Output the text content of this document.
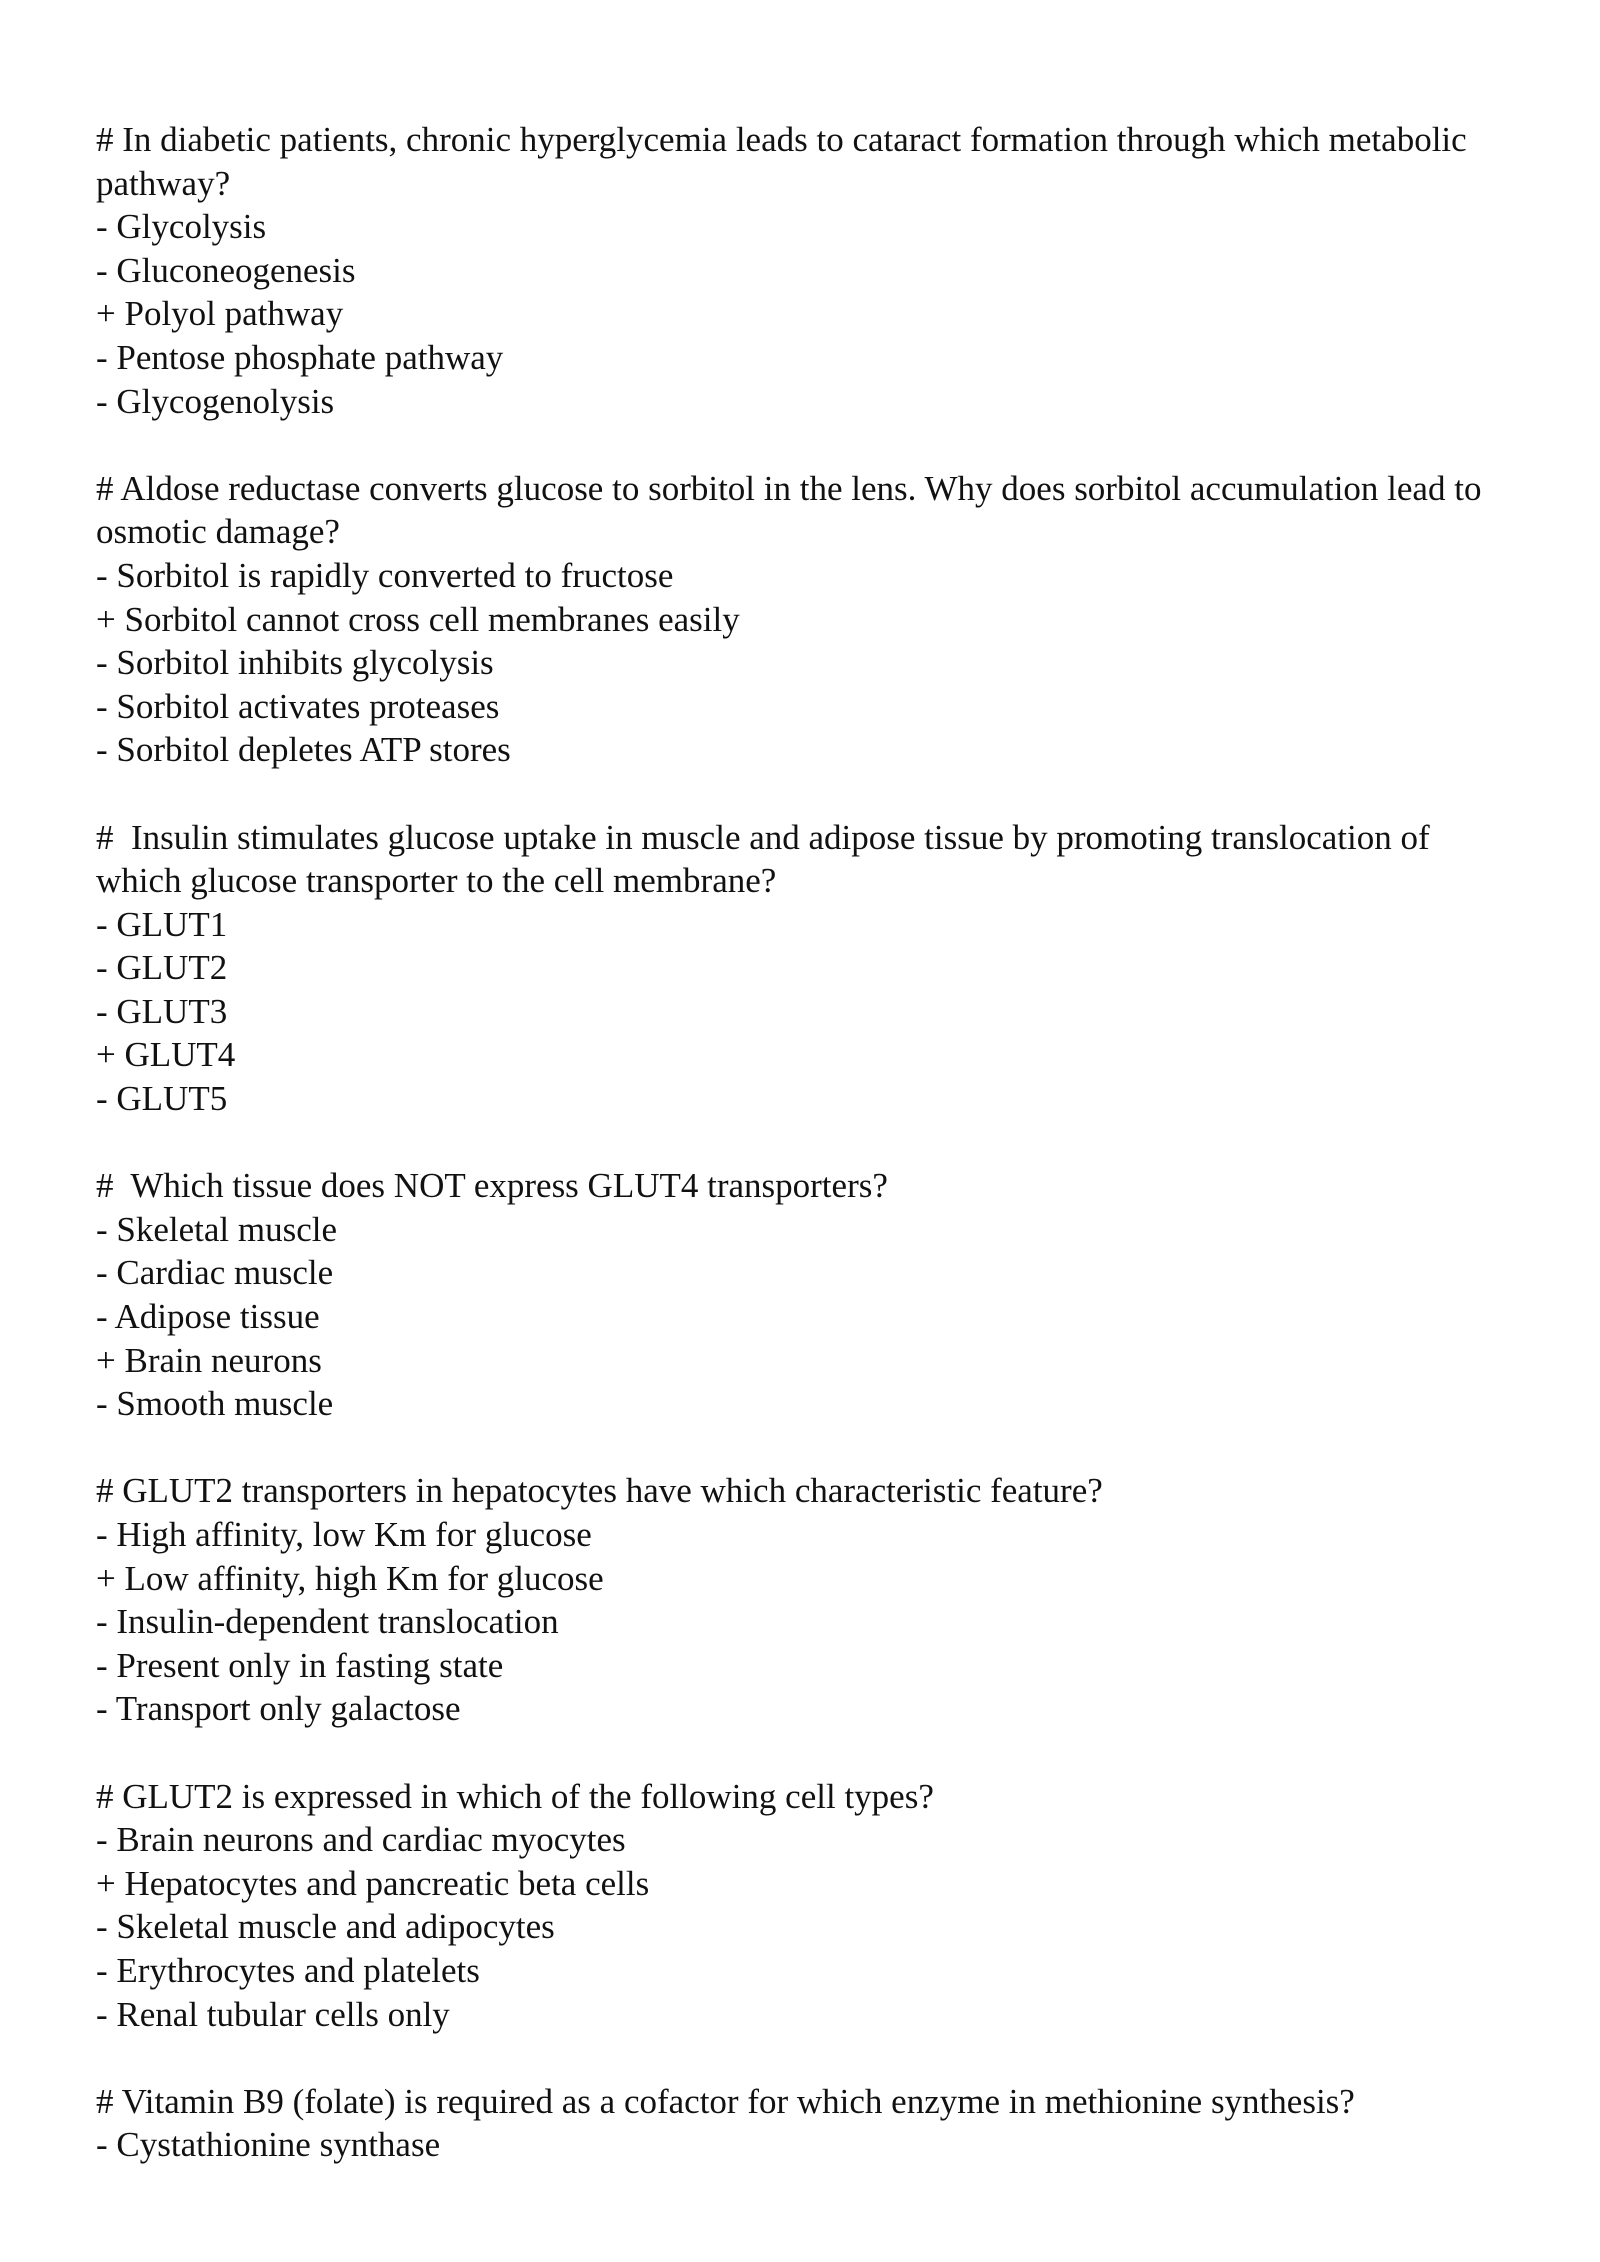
# In diabetic patients, chronic hyperglycemia leads to cataract formation through which metabolic pathway?

- Glycolysis

- Gluconeogenesis

+ Polyol pathway

- Pentose phosphate pathway

- Glycogenolysis

# Aldose reductase converts glucose to sorbitol in the lens. Why does sorbitol accumulation lead to osmotic damage?

- Sorbitol is rapidly converted to fructose

+ Sorbitol cannot cross cell membranes easily

- Sorbitol inhibits glycolysis

- Sorbitol activates proteases

- Sorbitol depletes ATP stores

#  Insulin stimulates glucose uptake in muscle and adipose tissue by promoting translocation of which glucose transporter to the cell membrane?

- GLUT1

- GLUT2

- GLUT3

+ GLUT4

- GLUT5

#  Which tissue does NOT express GLUT4 transporters?

- Skeletal muscle

- Cardiac muscle

- Adipose tissue

+ Brain neurons

- Smooth muscle

# GLUT2 transporters in hepatocytes have which characteristic feature?

- High affinity, low Km for glucose

+ Low affinity, high Km for glucose

- Insulin-dependent translocation

- Present only in fasting state

- Transport only galactose

# GLUT2 is expressed in which of the following cell types?

- Brain neurons and cardiac myocytes

+ Hepatocytes and pancreatic beta cells

- Skeletal muscle and adipocytes

- Erythrocytes and platelets

- Renal tubular cells only

# Vitamin B9 (folate) is required as a cofactor for which enzyme in methionine synthesis?

- Cystathionine synthase
